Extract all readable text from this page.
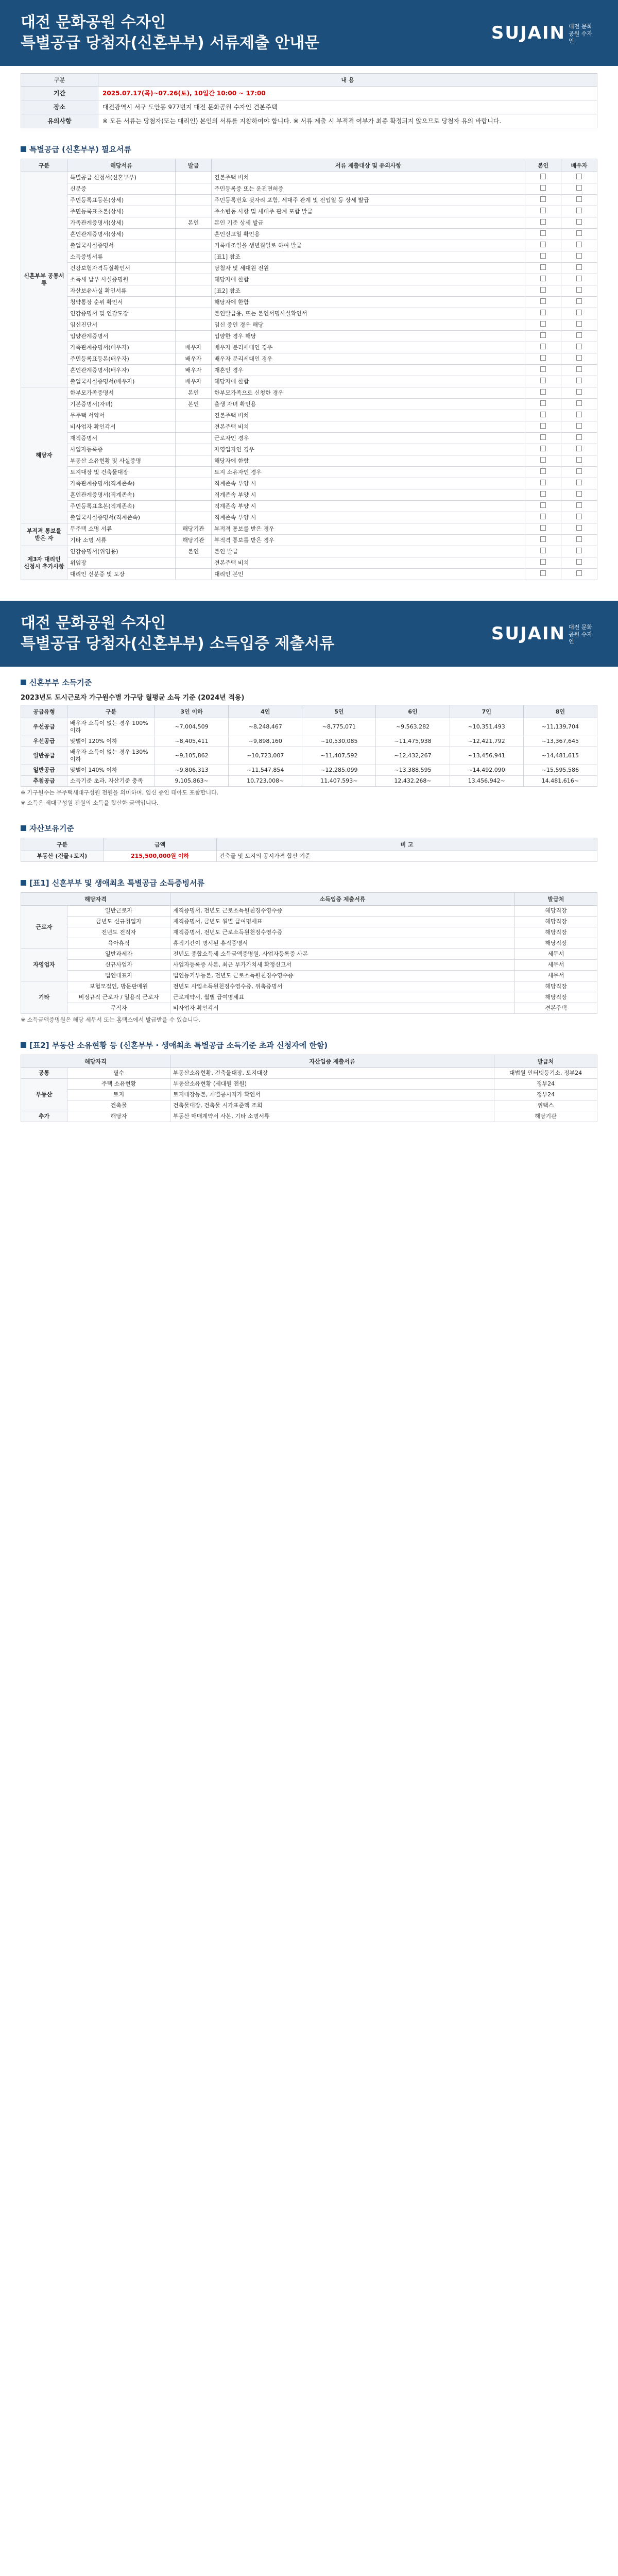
대전 문화공원 수자인
특별공급 당첨자(신혼부부) 서류제출 안내문	SUJAIN 대전 문화공원 수자인
구분	내 용
기간	2025.07.17(목)~07.26(토), 10일간 10:00 ~ 17:00
장소	대전광역시 서구 도안동 977번지 대전 문화공원 수자인 견본주택
유의사항	※ 모든 서류는 당첨자(또는 대리인) 본인의 서류를 지참하여야 합니다. ※ 서류 제출 시 부적격 여부가 최종 확정되지 않으므로 당첨자 유의 바랍니다.
특별공급 (신혼부부) 필요서류
구분	해당서류	발급	서류 제출대상 및 유의사항	본인	배우자
신혼부부 공통서류	특별공급 신청서(신혼부부)		견본주택 비치		
	신분증		주민등록증 또는 운전면허증		
	주민등록표등본(상세)		주민등록번호 뒷자리 포함, 세대주 관계 및 전입일 등 상세 발급		
	주민등록표초본(상세)		주소변동 사항 및 세대주 관계 포함 발급		
	가족관계증명서(상세)	본인	본인 기준 상세 발급		
	혼인관계증명서(상세)		혼인신고일 확인용		
	출입국사실증명서		기록대조일을 생년월일로 하여 발급		
	소득증빙서류		[표1] 참조		
	건강보험자격득실확인서		당첨자 및 세대원 전원		
	소득세 납부 사실증명원		해당자에 한함		
	자산보유사실 확인서류		[표2] 참조		
	청약통장 순위 확인서		해당자에 한함		
	인감증명서 및 인감도장		본인발급용, 또는 본인서명사실확인서		
	임신진단서		임신 중인 경우 해당		
	입양관계증명서		입양한 경우 해당		
	가족관계증명서(배우자)	배우자	배우자 분리세대인 경우		
	주민등록표등본(배우자)	배우자	배우자 분리세대인 경우		
	혼인관계증명서(배우자)	배우자	재혼인 경우		
	출입국사실증명서(배우자)	배우자	해당자에 한함		
해당자	한부모가족증명서	본인	한부모가족으로 신청한 경우		
	기본증명서(자녀)	본인	출생 자녀 확인용		
	무주택 서약서		견본주택 비치		
	비사업자 확인각서		견본주택 비치		
	재직증명서		근로자인 경우		
	사업자등록증		자영업자인 경우		
	부동산 소유현황 및 사실증명		해당자에 한함		
	토지대장 및 건축물대장		토지 소유자인 경우		
	가족관계증명서(직계존속)		직계존속 부양 시		
	혼인관계증명서(직계존속)		직계존속 부양 시		
	주민등록표초본(직계존속)		직계존속 부양 시		
	출입국사실증명서(직계존속)		직계존속 부양 시		
부적격 통보를 받은 자	무주택 소명 서류	해당기관	부적격 통보를 받은 경우		
	기타 소명 서류	해당기관	부적격 통보를 받은 경우		
제3자 대리인 신청시 추가사항	인감증명서(위임용)	본인	본인 발급		
	위임장		견본주택 비치		
	대리인 신분증 및 도장		대리인 본인		
대전 문화공원 수자인
특별공급 당첨자(신혼부부) 소득입증 제출서류	SUJAIN 대전 문화공원 수자인
신혼부부 소득기준
2023년도 도시근로자 가구원수별 가구당 월평균 소득 기준 (2024년 적용)
공급유형	구분	3인 이하	4인	5인	6인	7인	8인
우선공급	배우자 소득이 없는 경우 100% 이하	~7,004,509	~8,248,467	~8,775,071	~9,563,282	~10,351,493	~11,139,704
우선공급	맞벌이 120% 이하	~8,405,411	~9,898,160	~10,530,085	~11,475,938	~12,421,792	~13,367,645
일반공급	배우자 소득이 없는 경우 130% 이하	~9,105,862	~10,723,007	~11,407,592	~12,432,267	~13,456,941	~14,481,615
일반공급	맞벌이 140% 이하	~9,806,313	~11,547,854	~12,285,099	~13,388,595	~14,492,090	~15,595,586
추첨공급	소득기준 초과, 자산기준 충족	9,105,863~	10,723,008~	11,407,593~	12,432,268~	13,456,942~	14,481,616~
※ 가구원수는 무주택세대구성원 전원을 의미하며, 임신 중인 태아도 포함합니다.
※ 소득은 세대구성원 전원의 소득을 합산한 금액입니다.
자산보유기준
구분	금액	비 고
부동산 (건물+토지)	215,500,000원 이하	건축물 및 토지의 공시가격 합산 기준
[표1] 신혼부부 및 생애최초 특별공급 소득증빙서류
해당자격		소득입증 제출서류	발급처
근로자	일반근로자	재직증명서, 전년도 근로소득원천징수영수증	해당직장
	금년도 신규취업자	재직증명서, 금년도 월별 급여명세표	해당직장
	전년도 전직자	재직증명서, 전년도 근로소득원천징수영수증	해당직장
	육아휴직	휴직기간이 명시된 휴직증명서	해당직장
자영업자	일반과세자	전년도 종합소득세 소득금액증명원, 사업자등록증 사본	세무서
	신규사업자	사업자등록증 사본, 최근 부가가치세 확정신고서	세무서
	법인대표자	법인등기부등본, 전년도 근로소득원천징수영수증	세무서
기타	보험모집인, 방문판매원	전년도 사업소득원천징수영수증, 위촉증명서	해당직장
	비정규직 근로자 / 일용직 근로자	근로계약서, 월별 급여명세표	해당직장
	무직자	비사업자 확인각서	견본주택
※ 소득금액증명원은 해당 세무서 또는 홈택스에서 발급받을 수 있습니다.
[표2] 부동산 소유현황 등 (신혼부부 · 생애최초 특별공급 소득기준 초과 신청자에 한함)
해당자격		자산입증 제출서류	발급처
공통	필수	부동산소유현황, 건축물대장, 토지대장	대법원 인터넷등기소, 정부24
부동산	주택 소유현황	부동산소유현황 (세대원 전원)	정부24
	토지	토지대장등본, 개별공시지가 확인서	정부24
	건축물	건축물대장, 건축물 시가표준액 조회	위택스
추가	해당자	부동산 매매계약서 사본, 기타 소명서류	해당기관
